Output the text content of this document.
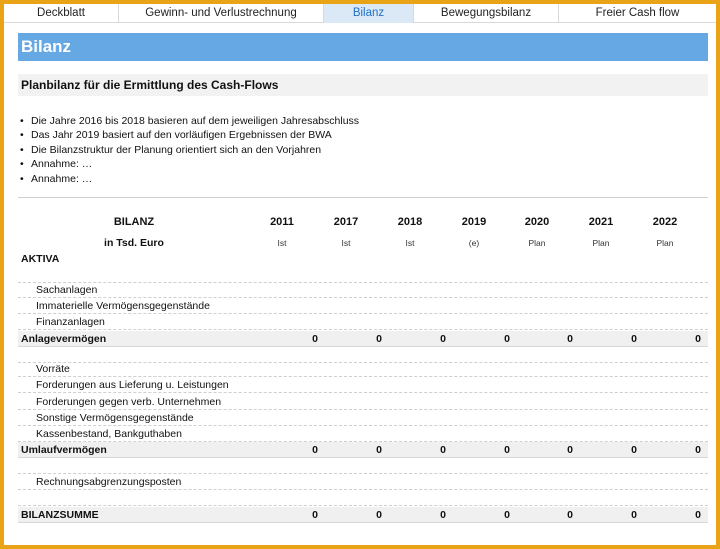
Deckblatt	Gewinn- und Verlustrechnung	Bilanz	Bewegungsbilanz	Freier Cash flow
Bilanz
Planbilanz für die Ermittlung des Cash-Flows
• Die Jahre 2016 bis 2018 basieren auf dem jeweiligen Jahresabschluss
• Das Jahr 2019 basiert auf den vorläufigen Ergebnissen der BWA
• Die Bilanzstruktur der Planung orientiert sich an den Vorjahren
• Annahme: …
• Annahme: …
BILANZ
in Tsd. Euro
2011	2017	2018	2019	2020	2021	2022
Ist	Ist	Ist	(e)	Plan	Plan	Plan
AKTIVA
Sachanlagen
Immaterielle Vermögensgegenstände
Finanzanlagen
Anlagevermögen	0	0	0	0	0	0	0
Vorräte
Forderungen aus Lieferung u. Leistungen
Forderungen gegen verb. Unternehmen
Sonstige Vermögensgegenstände
Kassenbestand, Bankguthaben
Umlaufvermögen	0	0	0	0	0	0	0
Rechnungsabgrenzungsposten
BILANZSUMME	0	0	0	0	0	0	0
